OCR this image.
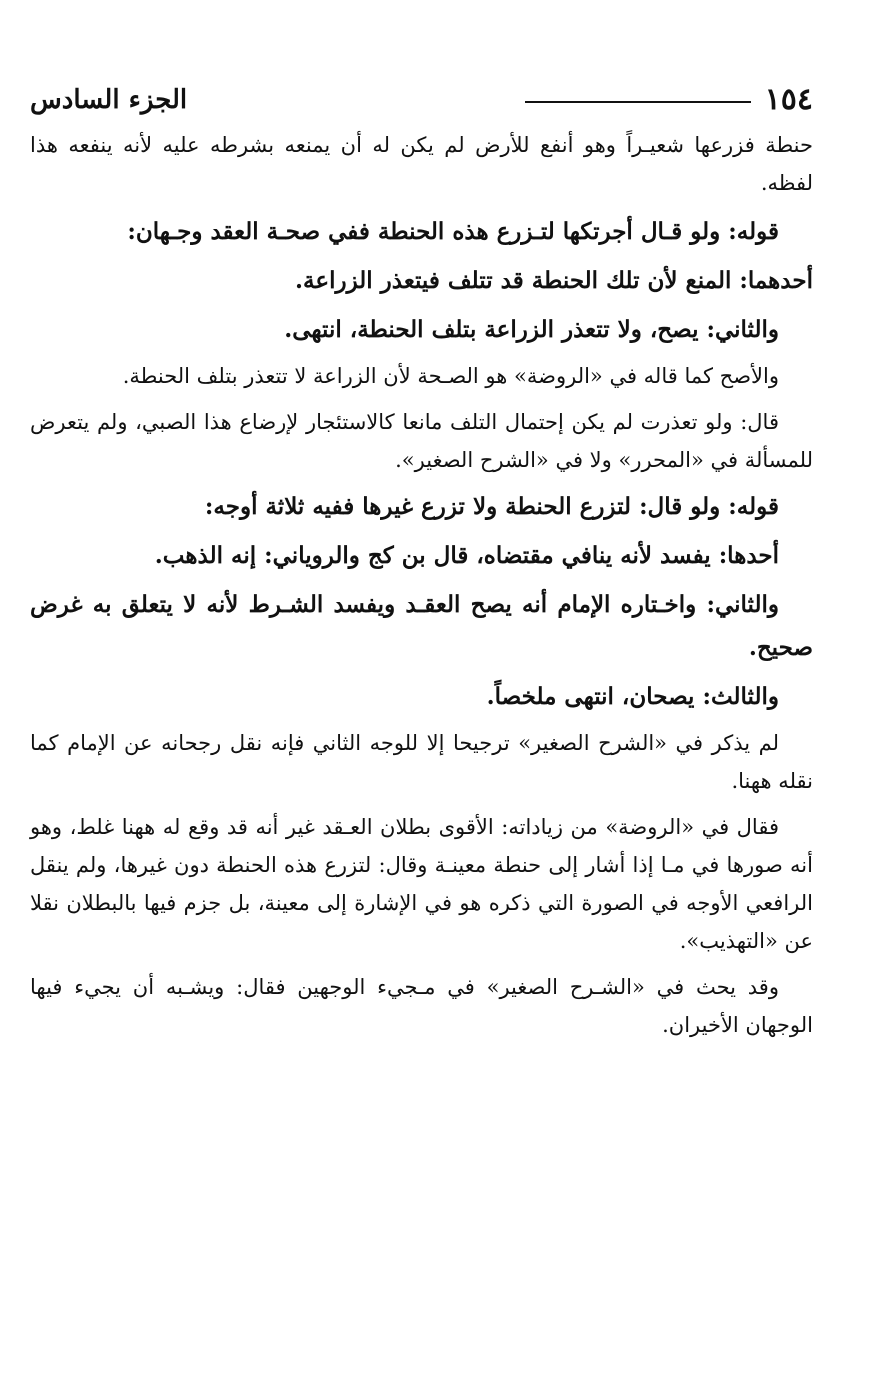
١٥٤
الجزء السادس

حنطة فزرعها شعيـراً وهو أنفع للأرض لم يكن له أن يمنعه بشرطه عليه لأنه ينفعه هذا لفظه.

قوله: ولو قـال أجرتكها لتـزرع هذه الحنطة ففي صحـة العقد وجـهان:

أحدهما: المنع لأن تلك الحنطة قد تتلف فيتعذر الزراعة.

والثاني: يصح، ولا تتعذر الزراعة بتلف الحنطة، انتهى.

والأصح كما قاله في «الروضة» هو الصـحة لأن الزراعة لا تتعذر بتلف الحنطة.

قال: ولو تعذرت لم يكن إحتمال التلف مانعا كالاستئجار لإرضاع هذا الصبي، ولم يتعرض للمسألة في «المحرر» ولا في «الشرح الصغير».

قوله: ولو قال: لتزرع الحنطة ولا تزرع غيرها ففيه ثلاثة أوجه:

أحدها: يفسد لأنه ينافي مقتضاه، قال بن كج والروياني: إنه الذهب.

والثاني: واخـتاره الإمام أنه يصح العقـد ويفسد الشـرط لأنه لا يتعلق به غرض صحيح.

والثالث: يصحان، انتهى ملخصاً.

لم يذكر في «الشرح الصغير» ترجيحا إلا للوجه الثاني فإنه نقل رجحانه عن الإمام كما نقله ههنا.

فقال في «الروضة» من زياداته: الأقوى بطلان العـقد غير أنه قد وقع له ههنا غلط، وهو أنه صورها في مـا إذا أشار إلى حنطة معينـة وقال: لتزرع هذه الحنطة دون غيرها، ولم ينقل الرافعي الأوجه في الصورة التي ذكره هو في الإشارة إلى معينة، بل جزم فيها بالبطلان نقلا عن «التهذيب».

وقد يحث في «الشـرح الصغير» في مـجيء الوجهين فقال: ويشـبه أن يجيء فيها الوجهان الأخيران.
